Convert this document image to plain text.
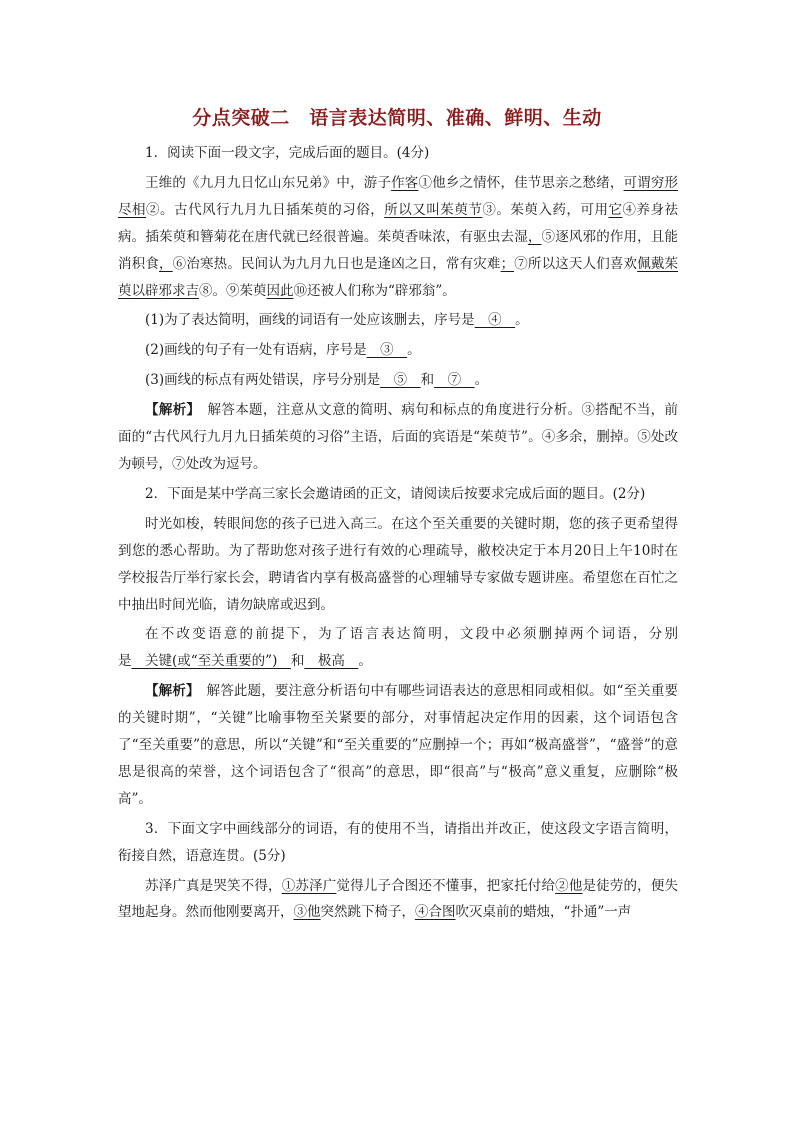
分点突破二　语言表达简明、准确、鲜明、生动

1．阅读下面一段文字，完成后面的题目。(4分)

王维的《九月九日忆山东兄弟》中，游子作客①他乡之情怀，佳节思亲之愁绪，可谓穷形尽相②。古代风行九月九日插茱萸的习俗，所以又叫茱萸节③。茱萸入药，可用它④养身祛病。插茱萸和簪菊花在唐代就已经很普遍。茱萸香味浓，有驱虫去湿，⑤逐风邪的作用，且能消积食，⑥治寒热。民间认为九月九日也是逢凶之日，常有灾难；⑦所以这天人们喜欢佩戴茱萸以辟邪求吉⑧。⑨茱萸因此⑩还被人们称为“辟邪翁”。

(1)为了表达简明，画线的词语有一处应该删去，序号是　④　。

(2)画线的句子有一处有语病，序号是　③　。

(3)画线的标点有两处错误，序号分别是　⑤　和　⑦　。

【解析】　解答本题，注意从文意的简明、病句和标点的角度进行分析。③搭配不当，前面的“古代风行九月九日插茱萸的习俗”主语，后面的宾语是“茱萸节”。④多余，删掉。⑤处改为顿号，⑦处改为逗号。

2．下面是某中学高三家长会邀请函的正文，请阅读后按要求完成后面的题目。(2分)

时光如梭，转眼间您的孩子已进入高三。在这个至关重要的关键时期，您的孩子更希望得到您的悉心帮助。为了帮助您对孩子进行有效的心理疏导，敝校决定于本月20日上午10时在学校报告厅举行家长会，聘请省内享有极高盛誉的心理辅导专家做专题讲座。希望您在百忙之中抽出时间光临，请勿缺席或迟到。

在不改变语意的前提下，为了语言表达简明，文段中必须删掉两个词语，分别是　关键(或“至关重要的”)　和　极高　。

【解析】　解答此题，要注意分析语句中有哪些词语表达的意思相同或相似。如“至关重要的关键时期”，“关键”比喻事物至关紧要的部分，对事情起决定作用的因素，这个词语包含了“至关重要”的意思，所以“关键”和“至关重要的”应删掉一个；再如“极高盛誉”，“盛誉”的意思是很高的荣誉，这个词语包含了“很高”的意思，即“很高”与“极高”意义重复，应删除“极高”。

3．下面文字中画线部分的词语，有的使用不当，请指出并改正，使这段文字语言简明，衔接自然，语意连贯。(5分)

苏泽广真是哭笑不得，①苏泽广觉得儿子合图还不懂事，把家托付给②他是徒劳的，便失望地起身。然而他刚要离开，③他突然跳下椅子，④合图吹灭桌前的蜡烛，“扑通”一声
